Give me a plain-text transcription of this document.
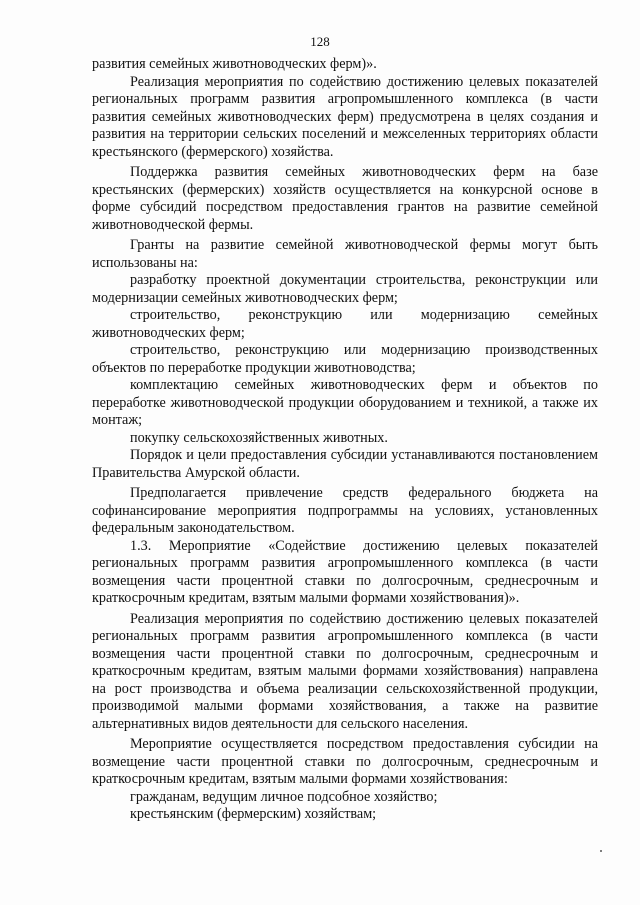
128

развития семейных животноводческих ферм)».

Реализация мероприятия по содействию достижению целевых показателей региональных программ развития агропромышленного комплекса (в части развития семейных животноводческих ферм) предусмотрена в целях создания и развития на территории сельских поселений и межселенных территориях области крестьянского (фермерского) хозяйства.

Поддержка развития семейных животноводческих ферм на базе крестьянских (фермерских) хозяйств осуществляется на конкурсной основе в форме субсидий посредством предоставления грантов на развитие семейной животноводческой фермы.

Гранты на развитие семейной животноводческой фермы могут быть использованы на:

разработку проектной документации строительства, реконструкции или модернизации семейных животноводческих ферм;

строительство, реконструкцию или модернизацию семейных животноводческих ферм;

строительство, реконструкцию или модернизацию производственных объектов по переработке продукции животноводства;

комплектацию семейных животноводческих ферм и объектов по переработке животноводческой продукции оборудованием и техникой, а также их монтаж;

покупку сельскохозяйственных животных.

Порядок и цели предоставления субсидии устанавливаются постановлением Правительства Амурской области.

Предполагается привлечение средств федерального бюджета на софинансирование мероприятия подпрограммы на условиях, установленных федеральным законодательством.

1.3. Мероприятие «Содействие достижению целевых показателей региональных программ развития агропромышленного комплекса (в части возмещения части процентной ставки по долгосрочным, среднесрочным и краткосрочным кредитам, взятым малыми формами хозяйствования)».

Реализация мероприятия по содействию достижению целевых показателей региональных программ развития агропромышленного комплекса (в части возмещения части процентной ставки по долгосрочным, среднесрочным и краткосрочным кредитам, взятым малыми формами хозяйствования) направлена на рост производства и объема реализации сельскохозяйственной продукции, производимой малыми формами хозяйствования, а также на развитие альтернативных видов деятельности для сельского населения.

Мероприятие осуществляется посредством предоставления субсидии на возмещение части процентной ставки по долгосрочным, среднесрочным и краткосрочным кредитам, взятым малыми формами хозяйствования:

гражданам, ведущим личное подсобное хозяйство;

крестьянским (фермерским) хозяйствам;
